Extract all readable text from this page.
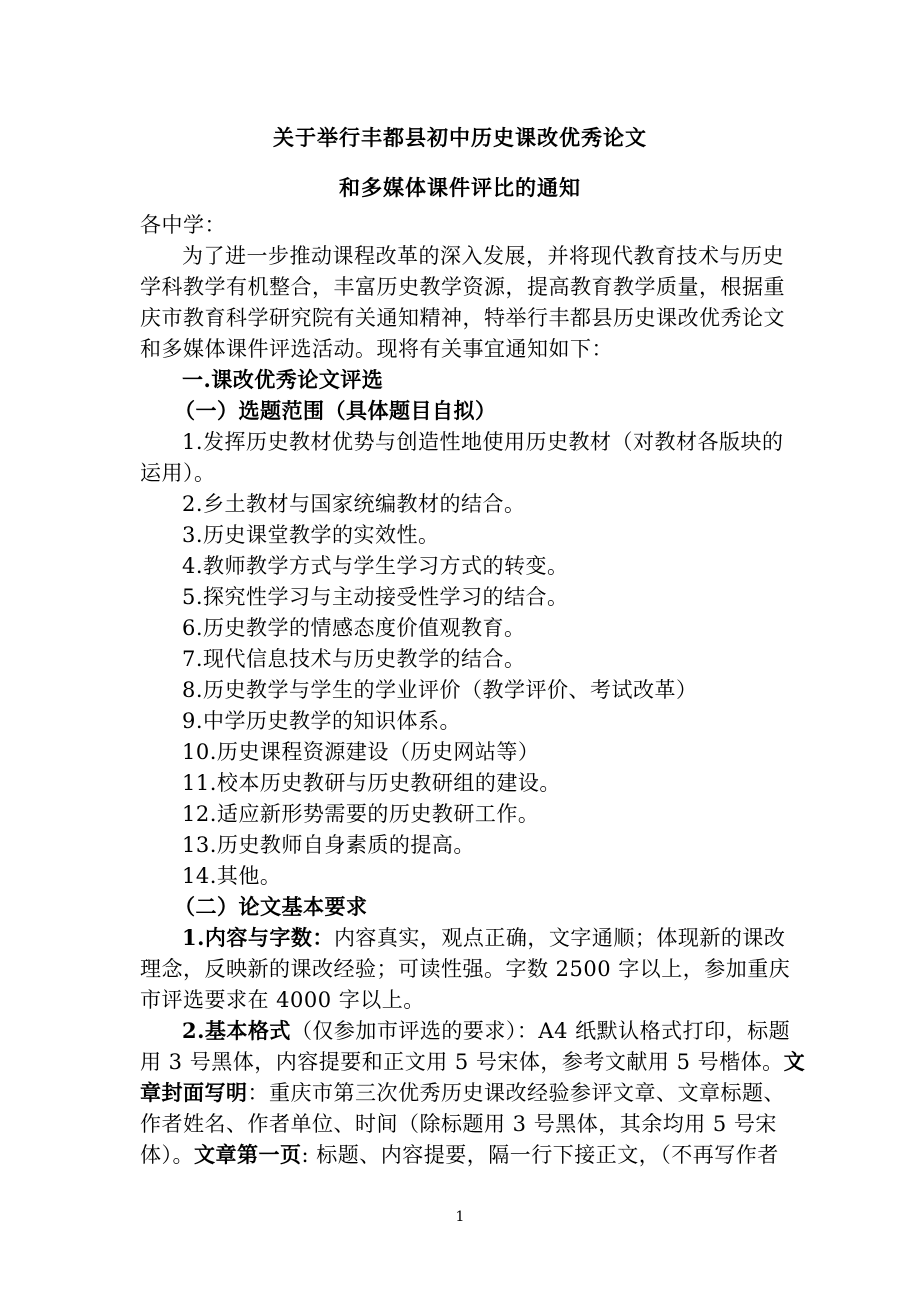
关于举行丰都县初中历史课改优秀论文

和多媒体课件评比的通知

各中学：

为了进一步推动课程改革的深入发展，并将现代教育技术与历史

学科教学有机整合，丰富历史教学资源，提高教育教学质量，根据重

庆市教育科学研究院有关通知精神，特举行丰都县历史课改优秀论文

和多媒体课件评选活动。现将有关事宜通知如下：

一.课改优秀论文评选

（一）选题范围（具体题目自拟）

1.发挥历史教材优势与创造性地使用历史教材（对教材各版块的

运用）。

2.乡土教材与国家统编教材的结合。

3.历史课堂教学的实效性。

4.教师教学方式与学生学习方式的转变。

5.探究性学习与主动接受性学习的结合。

6.历史教学的情感态度价值观教育。

7.现代信息技术与历史教学的结合。

8.历史教学与学生的学业评价（教学评价、考试改革）

9.中学历史教学的知识体系。

10.历史课程资源建设（历史网站等）

11.校本历史教研与历史教研组的建设。

12.适应新形势需要的历史教研工作。

13.历史教师自身素质的提高。

14.其他。

（二）论文基本要求

1.内容与字数：内容真实，观点正确，文字通顺；体现新的课改

理念，反映新的课改经验；可读性强。字数 2500 字以上，参加重庆

市评选要求在 4000 字以上。

2.基本格式（仅参加市评选的要求）：A4 纸默认格式打印，标题

用 3 号黑体，内容提要和正文用 5 号宋体，参考文献用 5 号楷体。文

章封面写明：重庆市第三次优秀历史课改经验参评文章、文章标题、

作者姓名、作者单位、时间（除标题用 3 号黑体，其余均用 5 号宋

体）。文章第一页: 标题、内容提要，隔一行下接正文，（不再写作者

1
